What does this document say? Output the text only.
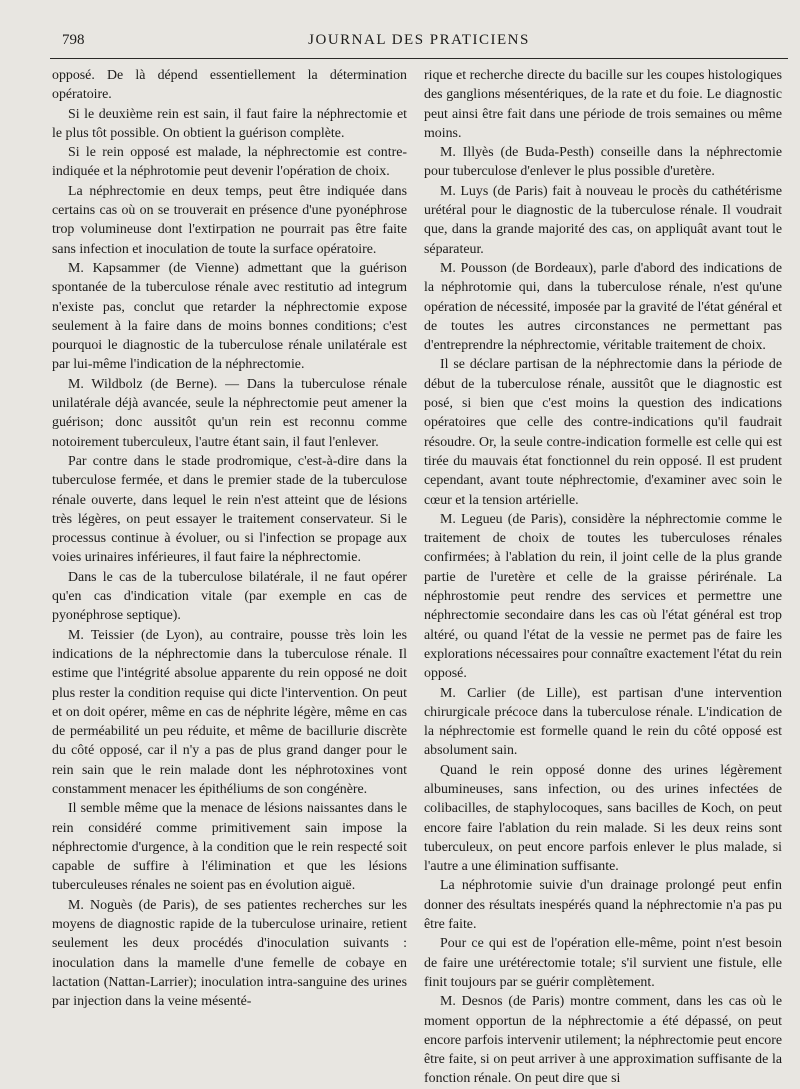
798	JOURNAL DES PRATICIENS

opposé. De là dépend essentiellement la détermination opératoire.

Si le deuxième rein est sain, il faut faire la néphrectomie et le plus tôt possible. On obtient la guérison complète.

Si le rein opposé est malade, la néphrectomie est contre-indiquée et la néphrotomie peut devenir l'opération de choix.

La néphrectomie en deux temps, peut être indiquée dans certains cas où on se trouverait en présence d'une pyonéphrose trop volumineuse dont l'extirpation ne pourrait pas être faite sans infection et inoculation de toute la surface opératoire.

M. Kapsammer (de Vienne) admettant que la guérison spontanée de la tuberculose rénale avec restitutio ad integrum n'existe pas, conclut que retarder la néphrectomie expose seulement à la faire dans de moins bonnes conditions; c'est pourquoi le diagnostic de la tuberculose rénale unilatérale est par lui-même l'indication de la néphrectomie.

M. Wildbolz (de Berne). — Dans la tuberculose rénale unilatérale déjà avancée, seule la néphrectomie peut amener la guérison; donc aussitôt qu'un rein est reconnu comme notoirement tuberculeux, l'autre étant sain, il faut l'enlever.

Par contre dans le stade prodromique, c'est-à-dire dans la tuberculose fermée, et dans le premier stade de la tuberculose rénale ouverte, dans lequel le rein n'est atteint que de lésions très légères, on peut essayer le traitement conservateur. Si le processus continue à évoluer, ou si l'infection se propage aux voies urinaires inférieures, il faut faire la néphrectomie.

Dans le cas de la tuberculose bilatérale, il ne faut opérer qu'en cas d'indication vitale (par exemple en cas de pyonéphrose septique).

M. Teissier (de Lyon), au contraire, pousse très loin les indications de la néphrectomie dans la tuberculose rénale. Il estime que l'intégrité absolue apparente du rein opposé ne doit plus rester la condition requise qui dicte l'intervention. On peut et on doit opérer, même en cas de néphrite légère, même en cas de perméabilité un peu réduite, et même de bacillurie discrète du côté opposé, car il n'y a pas de plus grand danger pour le rein sain que le rein malade dont les néphrotoxines vont constamment menacer les épithéliums de son congénère.

Il semble même que la menace de lésions naissantes dans le rein considéré comme primitivement sain impose la néphrectomie d'urgence, à la condition que le rein respecté soit capable de suffire à l'élimination et que les lésions tuberculeuses rénales ne soient pas en évolution aiguë.

M. Noguès (de Paris), de ses patientes recherches sur les moyens de diagnostic rapide de la tuberculose urinaire, retient seulement les deux procédés d'inoculation suivants : inoculation dans la mamelle d'une femelle de cobaye en lactation (Nattan-Larrier); inoculation intra-sanguine des urines par injection dans la veine mésenté-

rique et recherche directe du bacille sur les coupes histologiques des ganglions mésentériques, de la rate et du foie. Le diagnostic peut ainsi être fait dans une période de trois semaines ou même moins.

M. Illyès (de Buda-Pesth) conseille dans la néphrectomie pour tuberculose d'enlever le plus possible d'uretère.

M. Luys (de Paris) fait à nouveau le procès du cathétérisme urétéral pour le diagnostic de la tuberculose rénale. Il voudrait que, dans la grande majorité des cas, on appliquât avant tout le séparateur.

M. Pousson (de Bordeaux), parle d'abord des indications de la néphrotomie qui, dans la tuberculose rénale, n'est qu'une opération de nécessité, imposée par la gravité de l'état général et de toutes les autres circonstances ne permettant pas d'entreprendre la néphrectomie, véritable traitement de choix.

Il se déclare partisan de la néphrectomie dans la période de début de la tuberculose rénale, aussitôt que le diagnostic est posé, si bien que c'est moins la question des indications opératoires que celle des contre-indications qu'il faudrait résoudre. Or, la seule contre-indication formelle est celle qui est tirée du mauvais état fonctionnel du rein opposé. Il est prudent cependant, avant toute néphrectomie, d'examiner avec soin le cœur et la tension artérielle.

M. Legueu (de Paris), considère la néphrectomie comme le traitement de choix de toutes les tuberculoses rénales confirmées; à l'ablation du rein, il joint celle de la plus grande partie de l'uretère et celle de la graisse périrénale. La néphrostomie peut rendre des services et permettre une néphrectomie secondaire dans les cas où l'état général est trop altéré, ou quand l'état de la vessie ne permet pas de faire les explorations nécessaires pour connaître exactement l'état du rein opposé.

M. Carlier (de Lille), est partisan d'une intervention chirurgicale précoce dans la tuberculose rénale. L'indication de la néphrectomie est formelle quand le rein du côté opposé est absolument sain.

Quand le rein opposé donne des urines légèrement albumineuses, sans infection, ou des urines infectées de colibacilles, de staphylocoques, sans bacilles de Koch, on peut encore faire l'ablation du rein malade. Si les deux reins sont tuberculeux, on peut encore parfois enlever le plus malade, si l'autre a une élimination suffisante.

La néphrotomie suivie d'un drainage prolongé peut enfin donner des résultats inespérés quand la néphrectomie n'a pas pu être faite.

Pour ce qui est de l'opération elle-même, point n'est besoin de faire une urétérectomie totale; s'il survient une fistule, elle finit toujours par se guérir complètement.

M. Desnos (de Paris) montre comment, dans les cas où le moment opportun de la néphrectomie a été dépassé, on peut encore parfois intervenir utilement; la néphrectomie peut encore être faite, si on peut arriver à une approximation suffisante de la fonction rénale. On peut dire que si
